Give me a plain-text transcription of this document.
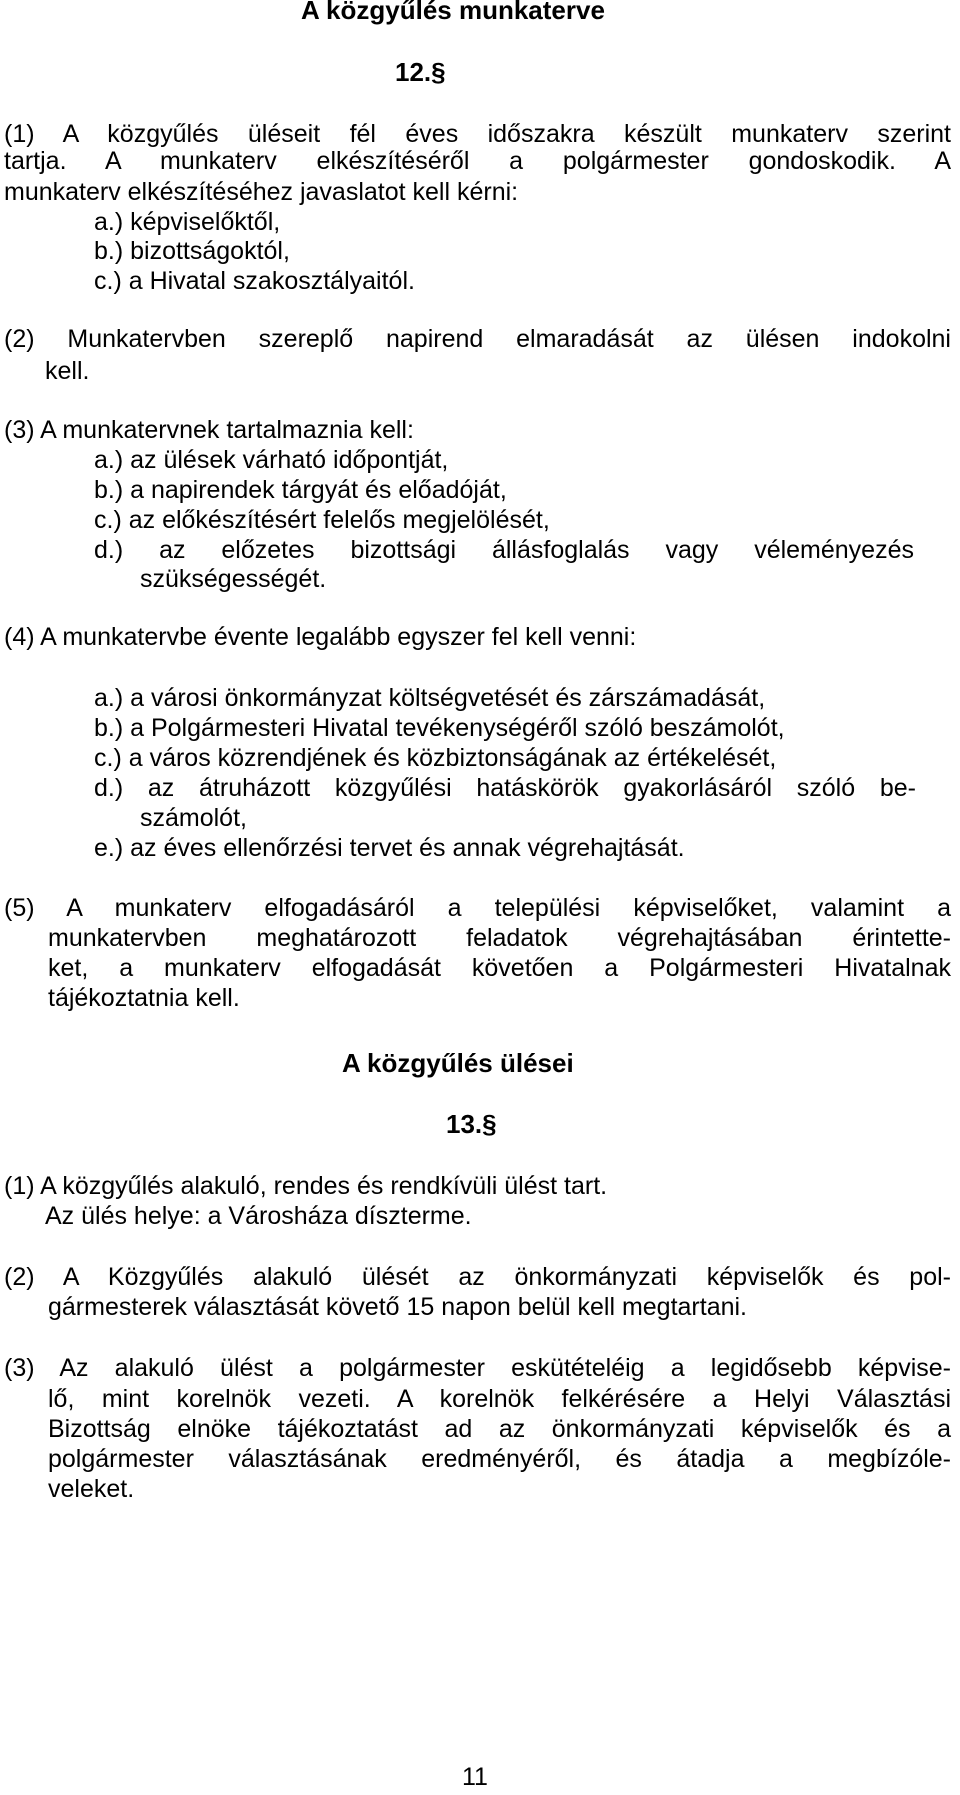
A közgyűlés munkaterve
12.§
(1) A közgyűlés üléseit fél éves időszakra készült munkaterv szerint
tartja. A munkaterv elkészítéséről a polgármester gondoskodik. A
munkaterv elkészítéséhez javaslatot kell kérni:
a.) képviselőktől,
b.) bizottságoktól,
c.) a Hivatal szakosztályaitól.
(2) Munkatervben szereplő napirend elmaradását az ülésen indokolni
kell.
(3) A munkatervnek tartalmaznia kell:
a.) az ülések várható időpontját,
b.) a napirendek tárgyát és előadóját,
c.) az előkészítésért felelős megjelölését,
d.) az előzetes bizottsági állásfoglalás vagy véleményezés
szükségességét.
(4) A munkatervbe évente legalább egyszer fel kell venni:
a.) a városi önkormányzat költségvetését és zárszámadását,
b.) a Polgármesteri Hivatal tevékenységéről szóló beszámolót,
c.) a város közrendjének és közbiztonságának az értékelését,
d.) az átruházott közgyűlési hatáskörök gyakorlásáról szóló be-
számolót,
e.) az éves ellenőrzési tervet és annak végrehajtását.
(5) A munkaterv elfogadásáról a települési képviselőket, valamint a
munkatervben meghatározott feladatok végrehajtásában érintette-
ket, a munkaterv elfogadását követően a Polgármesteri Hivatalnak
tájékoztatnia kell.
A közgyűlés ülései
13.§
(1) A közgyűlés alakuló, rendes és rendkívüli ülést tart.
Az ülés helye: a Városháza díszterme.
(2) A Közgyűlés alakuló ülését az önkormányzati képviselők és pol-
gármesterek választását követő 15 napon belül kell megtartani.
(3) Az alakuló ülést a polgármester eskütételéig a legidősebb képvise-
lő, mint korelnök vezeti. A korelnök felkérésére a Helyi Választási
Bizottság elnöke tájékoztatást ad az önkormányzati képviselők és a
polgármester választásának eredményéről, és átadja a megbízóle-
veleket.
11
